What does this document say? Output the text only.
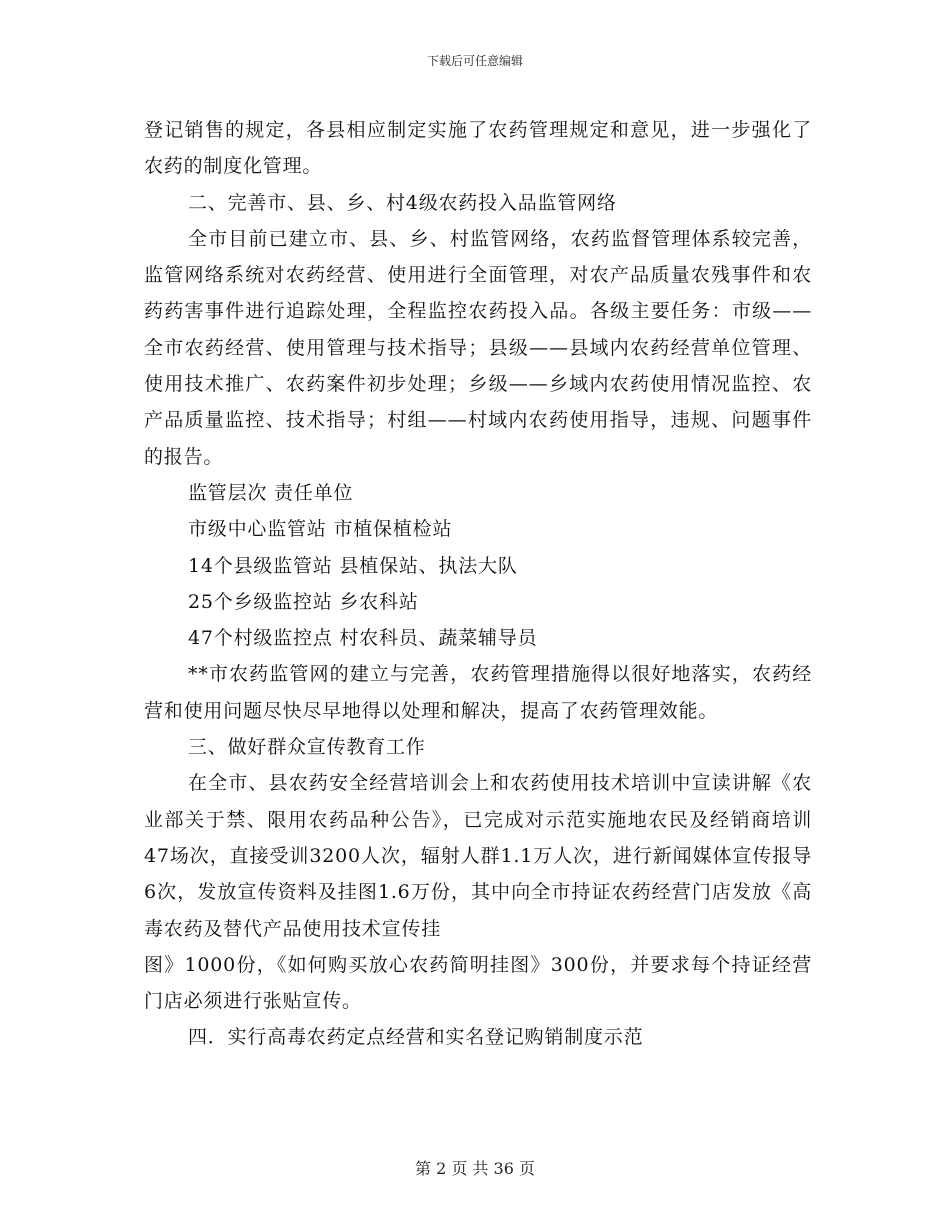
下载后可任意编辑

登记销售的规定，各县相应制定实施了农药管理规定和意见，进一步强化了农药的制度化管理。

二、完善市、县、乡、村4级农药投入品监管网络

全市目前已建立市、县、乡、村监管网络，农药监督管理体系较完善，监管网络系统对农药经营、使用进行全面管理，对农产品质量农残事件和农药药害事件进行追踪处理，全程监控农药投入品。各级主要任务：市级——全市农药经营、使用管理与技术指导；县级——县域内农药经营单位管理、使用技术推广、农药案件初步处理；乡级——乡域内农药使用情况监控、农产品质量监控、技术指导；村组——村域内农药使用指导，违规、问题事件的报告。

监管层次 责任单位

市级中心监管站 市植保植检站

14个县级监管站 县植保站、执法大队

25个乡级监控站 乡农科站

47个村级监控点 村农科员、蔬菜辅导员

**市农药监管网的建立与完善，农药管理措施得以很好地落实，农药经营和使用问题尽快尽早地得以处理和解决，提高了农药管理效能。

三、做好群众宣传教育工作

在全市、县农药安全经营培训会上和农药使用技术培训中宣读讲解《农业部关于禁、限用农药品种公告》，已完成对示范实施地农民及经销商培训47场次，直接受训3200人次，辐射人群1.1万人次，进行新闻媒体宣传报导6次，发放宣传资料及挂图1.6万份，其中向全市持证农药经营门店发放《高毒农药及替代产品使用技术宣传挂

图》1000份，《如何购买放心农药简明挂图》300份，并要求每个持证经营门店必须进行张贴宣传。

四．实行高毒农药定点经营和实名登记购销制度示范

第 2 页 共 36 页
